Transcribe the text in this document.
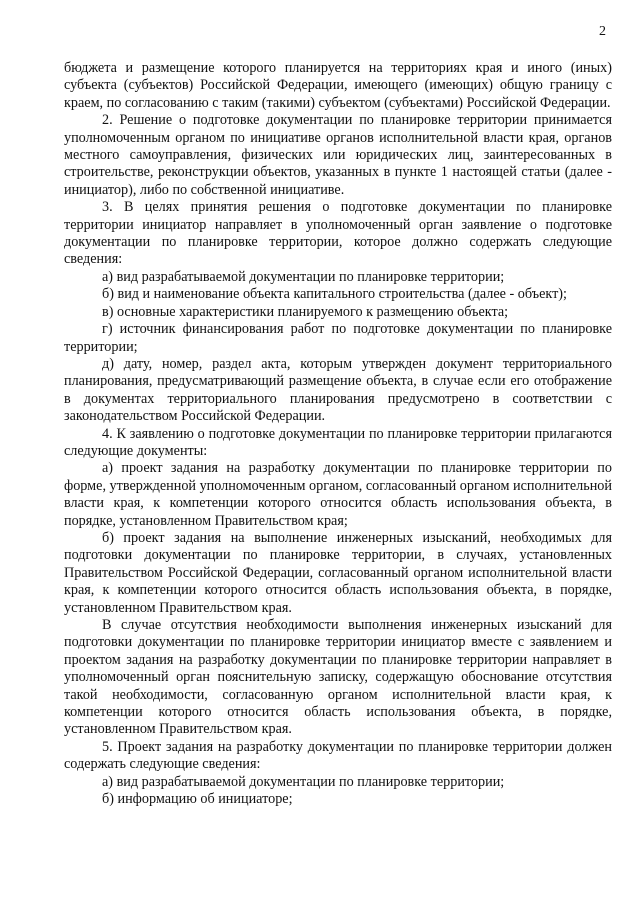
2

бюджета и размещение которого планируется на территориях края и иного (иных) субъекта (субъектов) Российской Федерации, имеющего (имеющих) общую границу с краем, по согласованию с таким (такими) субъектом (субъектами) Российской Федерации.

2. Решение о подготовке документации по планировке территории принимается уполномоченным органом по инициативе органов исполнительной власти края, органов местного самоуправления, физических или юридических лиц, заинтересованных в строительстве, реконструкции объектов, указанных в пункте 1 настоящей статьи (далее - инициатор), либо по собственной инициативе.

3. В целях принятия решения о подготовке документации по планировке территории инициатор направляет в уполномоченный орган заявление о подготовке документации по планировке территории, которое должно содержать следующие сведения:

а) вид разрабатываемой документации по планировке территории;

б) вид и наименование объекта капитального строительства (далее - объект);

в) основные характеристики планируемого к размещению объекта;

г) источник финансирования работ по подготовке документации по планировке территории;

д) дату, номер, раздел акта, которым утвержден документ территориального планирования, предусматривающий размещение объекта, в случае если его отображение в документах территориального планирования предусмотрено в соответствии с законодательством Российской Федерации.

4. К заявлению о подготовке документации по планировке территории прилагаются следующие документы:

а) проект задания на разработку документации по планировке территории по форме, утвержденной уполномоченным органом, согласованный органом исполнительной власти края, к компетенции которого относится область использования объекта, в порядке, установленном Правительством края;

б) проект задания на выполнение инженерных изысканий, необходимых для подготовки документации по планировке территории, в случаях, установленных Правительством Российской Федерации, согласованный органом исполнительной власти края, к компетенции которого относится область использования объекта, в порядке, установленном Правительством края.

В случае отсутствия необходимости выполнения инженерных изысканий для подготовки документации по планировке территории инициатор вместе с заявлением и проектом задания на разработку документации по планировке территории направляет в уполномоченный орган пояснительную записку, содержащую обоснование отсутствия такой необходимости, согласованную органом исполнительной власти края, к компетенции которого относится область использования объекта, в порядке, установленном Правительством края.

5. Проект задания на разработку документации по планировке территории должен содержать следующие сведения:

а) вид разрабатываемой документации по планировке территории;

б) информацию об инициаторе;
